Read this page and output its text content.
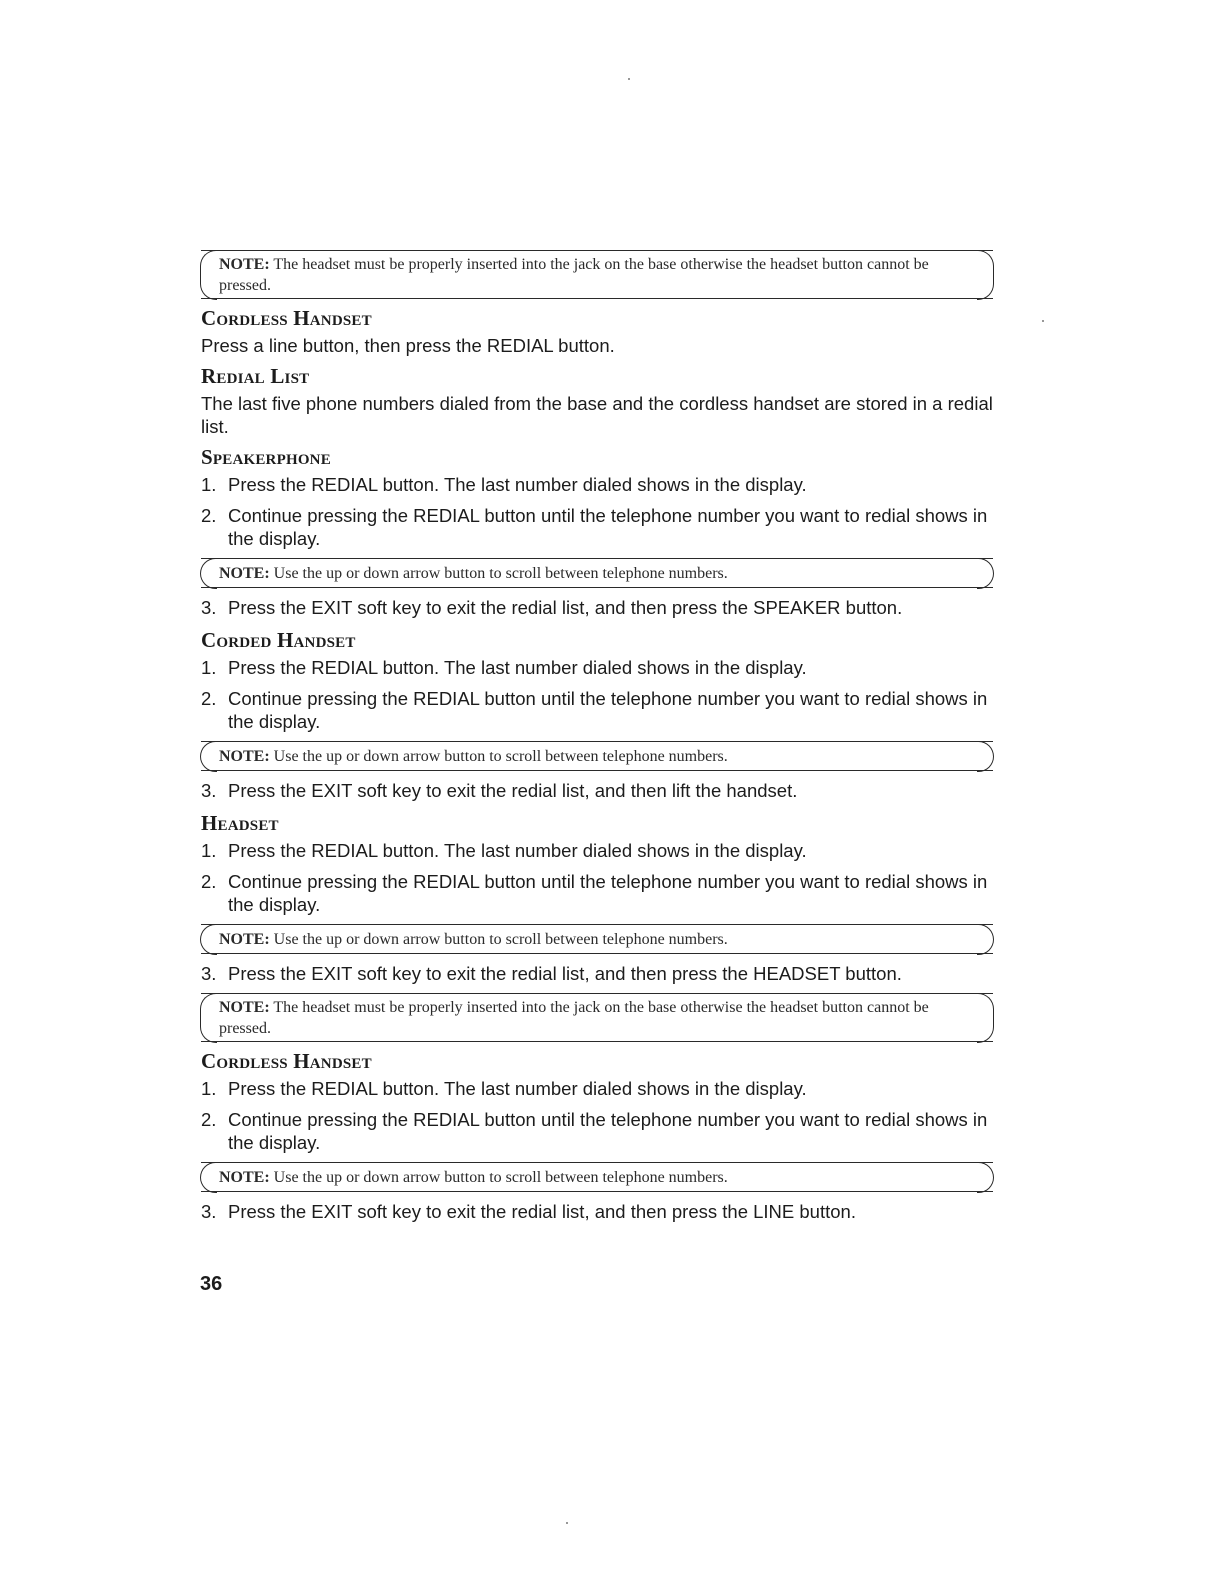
NOTE: The headset must be properly inserted into the jack on the base otherwise the headset button cannot be pressed.
Cordless Handset
Press a line button, then press the REDIAL button.
Redial List
The last five phone numbers dialed from the base and the cordless handset are stored in a redial list.
Speakerphone
1. Press the REDIAL button. The last number dialed shows in the display.
2. Continue pressing the REDIAL button until the telephone number you want to redial shows in the display.
NOTE: Use the up or down arrow button to scroll between telephone numbers.
3. Press the EXIT soft key to exit the redial list, and then press the SPEAKER button.
Corded Handset
1. Press the REDIAL button. The last number dialed shows in the display.
2. Continue pressing the REDIAL button until the telephone number you want to redial shows in the display.
NOTE: Use the up or down arrow button to scroll between telephone numbers.
3. Press the EXIT soft key to exit the redial list, and then lift the handset.
Headset
1. Press the REDIAL button. The last number dialed shows in the display.
2. Continue pressing the REDIAL button until the telephone number you want to redial shows in the display.
NOTE: Use the up or down arrow button to scroll between telephone numbers.
3. Press the EXIT soft key to exit the redial list, and then press the HEADSET button.
NOTE: The headset must be properly inserted into the jack on the base otherwise the headset button cannot be pressed.
Cordless Handset
1. Press the REDIAL button. The last number dialed shows in the display.
2. Continue pressing the REDIAL button until the telephone number you want to redial shows in the display.
NOTE: Use the up or down arrow button to scroll between telephone numbers.
3. Press the EXIT soft key to exit the redial list, and then press the LINE button.
36
